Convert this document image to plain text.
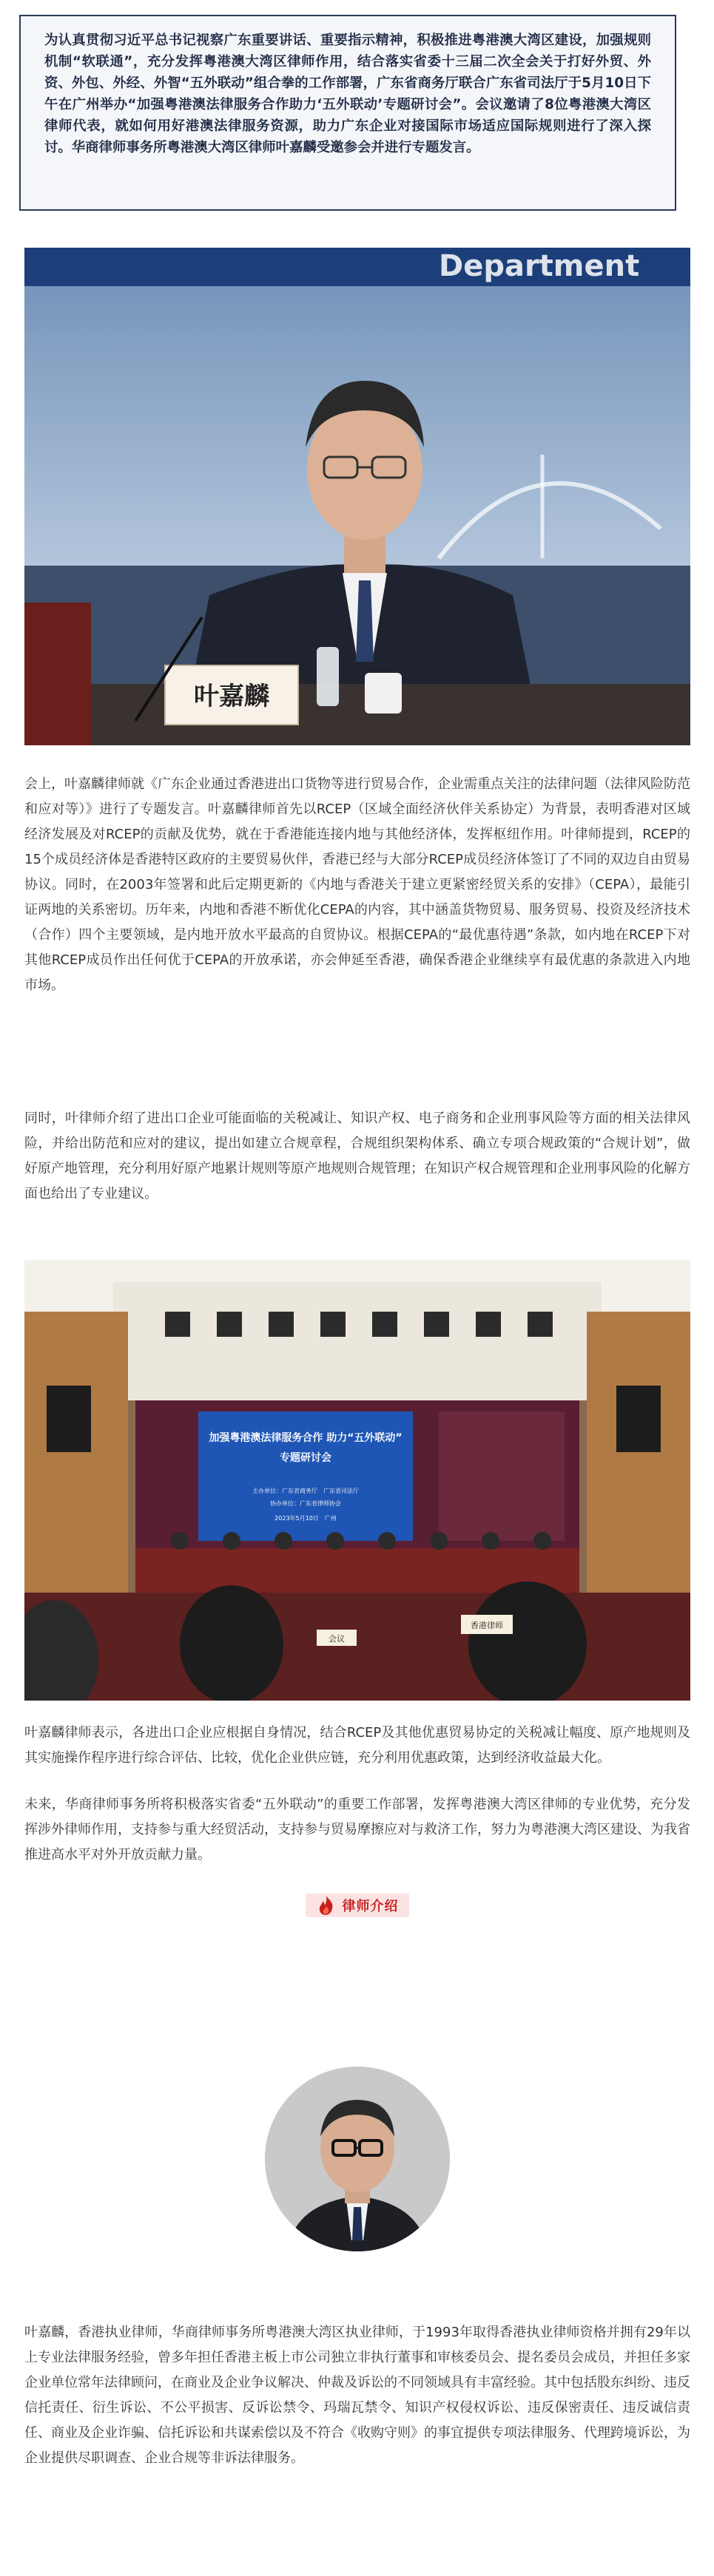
为认真贯彻习近平总书记视察广东重要讲话、重要指示精神，积极推进粤港澳大湾区建设，加强规则机制“软联通”，充分发挥粤港澳大湾区律师作用，结合落实省委十三届二次全会关于打好外贸、外资、外包、外经、外智“五外联动”组合拳的工作部署，广东省商务厅联合广东省司法厅于5月10日下午在广州举办“加强粤港澳法律服务合作助力‘五外联动’专题研讨会”。会议邀请了8位粤港澳大湾区律师代表，就如何用好港澳法律服务资源，助力广东企业对接国际市场适应国际规则进行了深入探讨。华商律师事务所粤港澳大湾区律师叶嘉麟受邀参会并进行专题发言。

Department
叶嘉麟

会上，叶嘉麟律师就《广东企业通过香港进出口货物等进行贸易合作，企业需重点关注的法律问题（法律风险防范和应对等）》进行了专题发言。叶嘉麟律师首先以RCEP（区域全面经济伙伴关系协定）为背景，表明香港对区域经济发展及对RCEP的贡献及优势，就在于香港能连接内地与其他经济体，发挥枢纽作用。叶律师提到，RCEP的15个成员经济体是香港特区政府的主要贸易伙伴，香港已经与大部分RCEP成员经济体签订了不同的双边自由贸易协议。同时，在2003年签署和此后定期更新的《内地与香港关于建立更紧密经贸关系的安排》（CEPA），最能引证两地的关系密切。历年来，内地和香港不断优化CEPA的内容，其中涵盖货物贸易、服务贸易、投资及经济技术（合作）四个主要领域，是内地开放水平最高的自贸协议。根据CEPA的“最优惠待遇”条款，如内地在RCEP下对其他RCEP成员作出任何优于CEPA的开放承诺，亦会伸延至香港，确保香港企业继续享有最优惠的条款进入内地市场。

同时，叶律师介绍了进出口企业可能面临的关税减让、知识产权、电子商务和企业刑事风险等方面的相关法律风险，并给出防范和应对的建议，提出如建立合规章程，合规组织架构体系、确立专项合规政策的“合规计划”，做好原产地管理，充分利用好原产地累计规则等原产地规则合规管理；在知识产权合规管理和企业刑事风险的化解方面也给出了专业建议。

加强粤港澳法律服务合作 助力“五外联动”
专题研讨会
主办单位：广东省商务厅　广东省司法厅
协办单位：广东省律师协会
2023年5月10日　广州
会议
香港律师

叶嘉麟律师表示，各进出口企业应根据自身情况，结合RCEP及其他优惠贸易协定的关税减让幅度、原产地规则及其实施操作程序进行综合评估、比较，优化企业供应链，充分利用优惠政策，达到经济收益最大化。

未来，华商律师事务所将积极落实省委“五外联动”的重要工作部署，发挥粤港澳大湾区律师的专业优势，充分发挥涉外律师作用，支持参与重大经贸活动，支持参与贸易摩擦应对与救济工作，努力为粤港澳大湾区建设、为我省推进高水平对外开放贡献力量。

律师介绍

叶嘉麟，香港执业律师，华商律师事务所粤港澳大湾区执业律师，于1993年取得香港执业律师资格并拥有29年以上专业法律服务经验，曾多年担任香港主板上市公司独立非执行董事和审核委员会、提名委员会成员，并担任多家企业单位常年法律顾问，在商业及企业争议解决、仲裁及诉讼的不同领域具有丰富经验。其中包括股东纠纷、违反信托责任、衍生诉讼、不公平损害、反诉讼禁令、玛瑞瓦禁令、知识产权侵权诉讼、违反保密责任、违反诚信责任、商业及企业诈骗、信托诉讼和共谋索偿以及不符合《收购守则》的事宜提供专项法律服务、代理跨境诉讼，为企业提供尽职调查、企业合规等非诉法律服务。
